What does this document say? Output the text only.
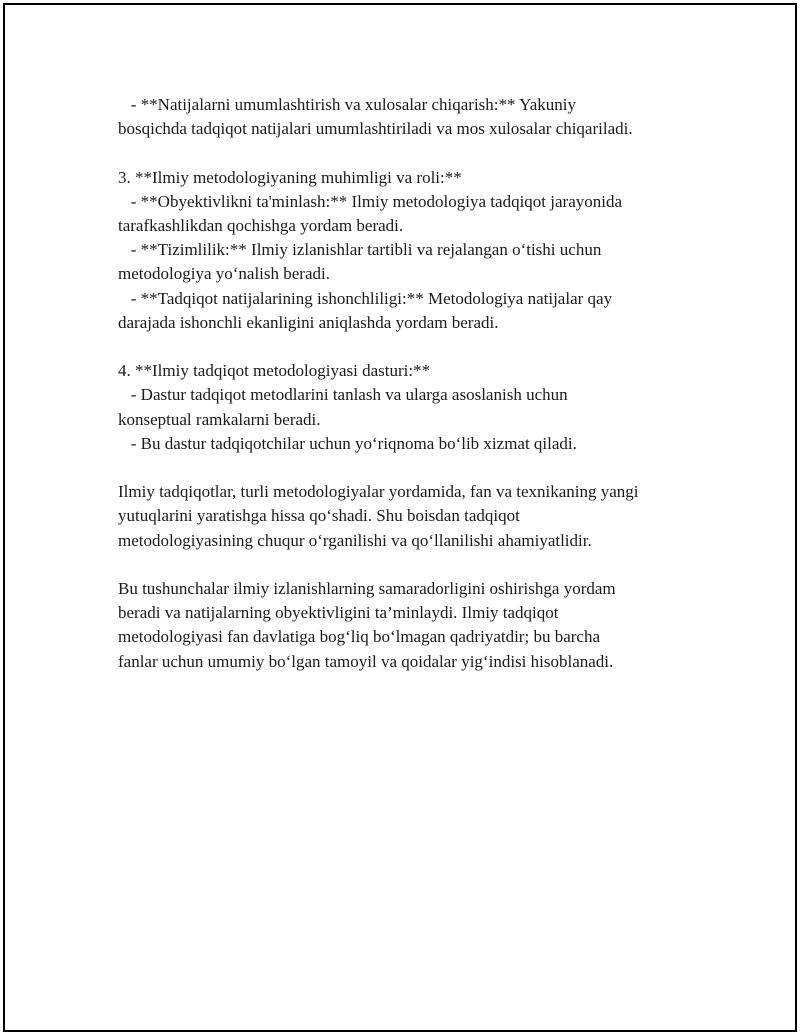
- **Natijalarni umumlashtirish va xulosalar chiqarish:** Yakuniy
bosqichda tadqiqot natijalari umumlashtiriladi va mos xulosalar chiqariladi.
3. **Ilmiy metodologiyaning muhimligi va roli:**
- **Obyektivlikni ta'minlash:** Ilmiy metodologiya tadqiqot jarayonida
tarafkashlikdan qochishga yordam beradi.
- **Tizimlilik:** Ilmiy izlanishlar tartibli va rejalangan o‘tishi uchun
metodologiya yo‘nalish beradi.
- **Tadqiqot natijalarining ishonchliligi:** Metodologiya natijalar qay
darajada ishonchli ekanligini aniqlashda yordam beradi.
4. **Ilmiy tadqiqot metodologiyasi dasturi:**
- Dastur tadqiqot metodlarini tanlash va ularga asoslanish uchun
konseptual ramkalarni beradi.
- Bu dastur tadqiqotchilar uchun yo‘riqnoma bo‘lib xizmat qiladi.
Ilmiy tadqiqotlar, turli metodologiyalar yordamida, fan va texnikaning yangi
yutuqlarini yaratishga hissa qo‘shadi. Shu boisdan tadqiqot
metodologiyasining chuqur o‘rganilishi va qo‘llanilishi ahamiyatlidir.
Bu tushunchalar ilmiy izlanishlarning samaradorligini oshirishga yordam
beradi va natijalarning obyektivligini ta’minlaydi. Ilmiy tadqiqot
metodologiyasi fan davlatiga bog‘liq bo‘lmagan qadriyatdir; bu barcha
fanlar uchun umumiy bo‘lgan tamoyil va qoidalar yig‘indisi hisoblanadi.
